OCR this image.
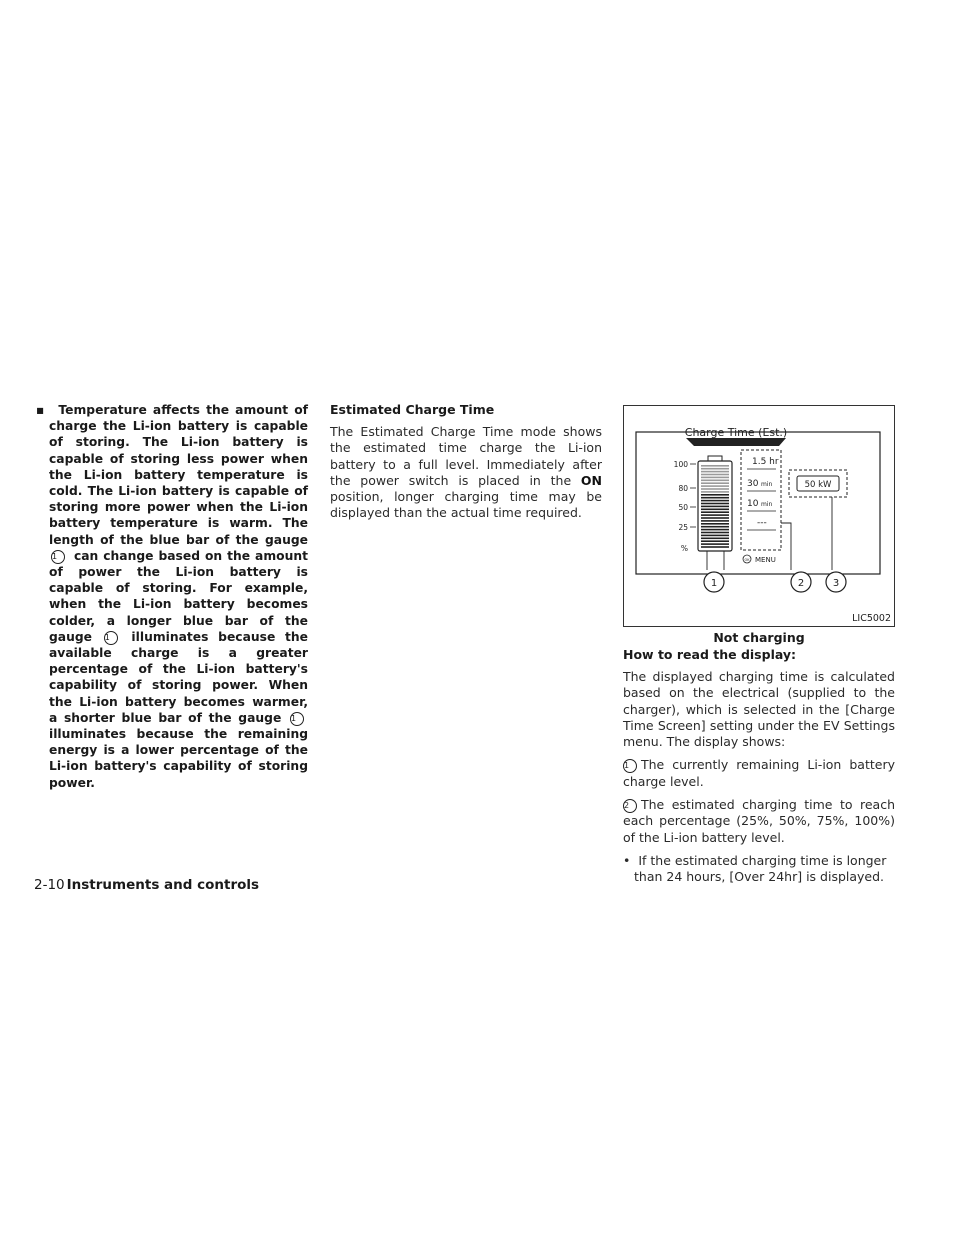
▪ Temperature affects the amount of charge the Li-ion battery is capable of storing. The Li-ion battery is capable of storing less power when the Li-ion battery temperature is cold. The Li-ion battery is capable of storing more power when the Li-ion battery temperature is warm. The length of the blue bar of the gauge 1 can change based on the amount of power the Li-ion battery is capable of storing. For example, when the Li-ion battery becomes colder, a longer blue bar of the gauge 1 illuminates because the available charge is a greater percentage of the Li-ion battery's capability of storing power. When the Li-ion battery becomes warmer, a shorter blue bar of the gauge 1 illuminates because the remaining energy is a lower percentage of the Li-ion battery's capability of storing power.

Estimated Charge Time

The Estimated Charge Time mode shows the estimated time charge the Li-ion battery to a full level. Immediately after the power switch is placed in the ON position, longer charging time may be displayed than the actual time required.

Charge Time (Est.)
100
80
50
25
%
1.5 hr
30 min
10 min
---
50 kW
OK MENU
1	2	3
LIC5002

Not charging

How to read the display:

The displayed charging time is calculated based on the electrical (supplied to the charger), which is selected in the [Charge Time Screen] setting under the EV Settings menu. The display shows:

1 The currently remaining Li-ion battery charge level.

2 The estimated charging time to reach each percentage (25%, 50%, 75%, 100%) of the Li-ion battery level.

• If the estimated charging time is longer than 24 hours, [Over 24hr] is displayed.

2-10 Instruments and controls
